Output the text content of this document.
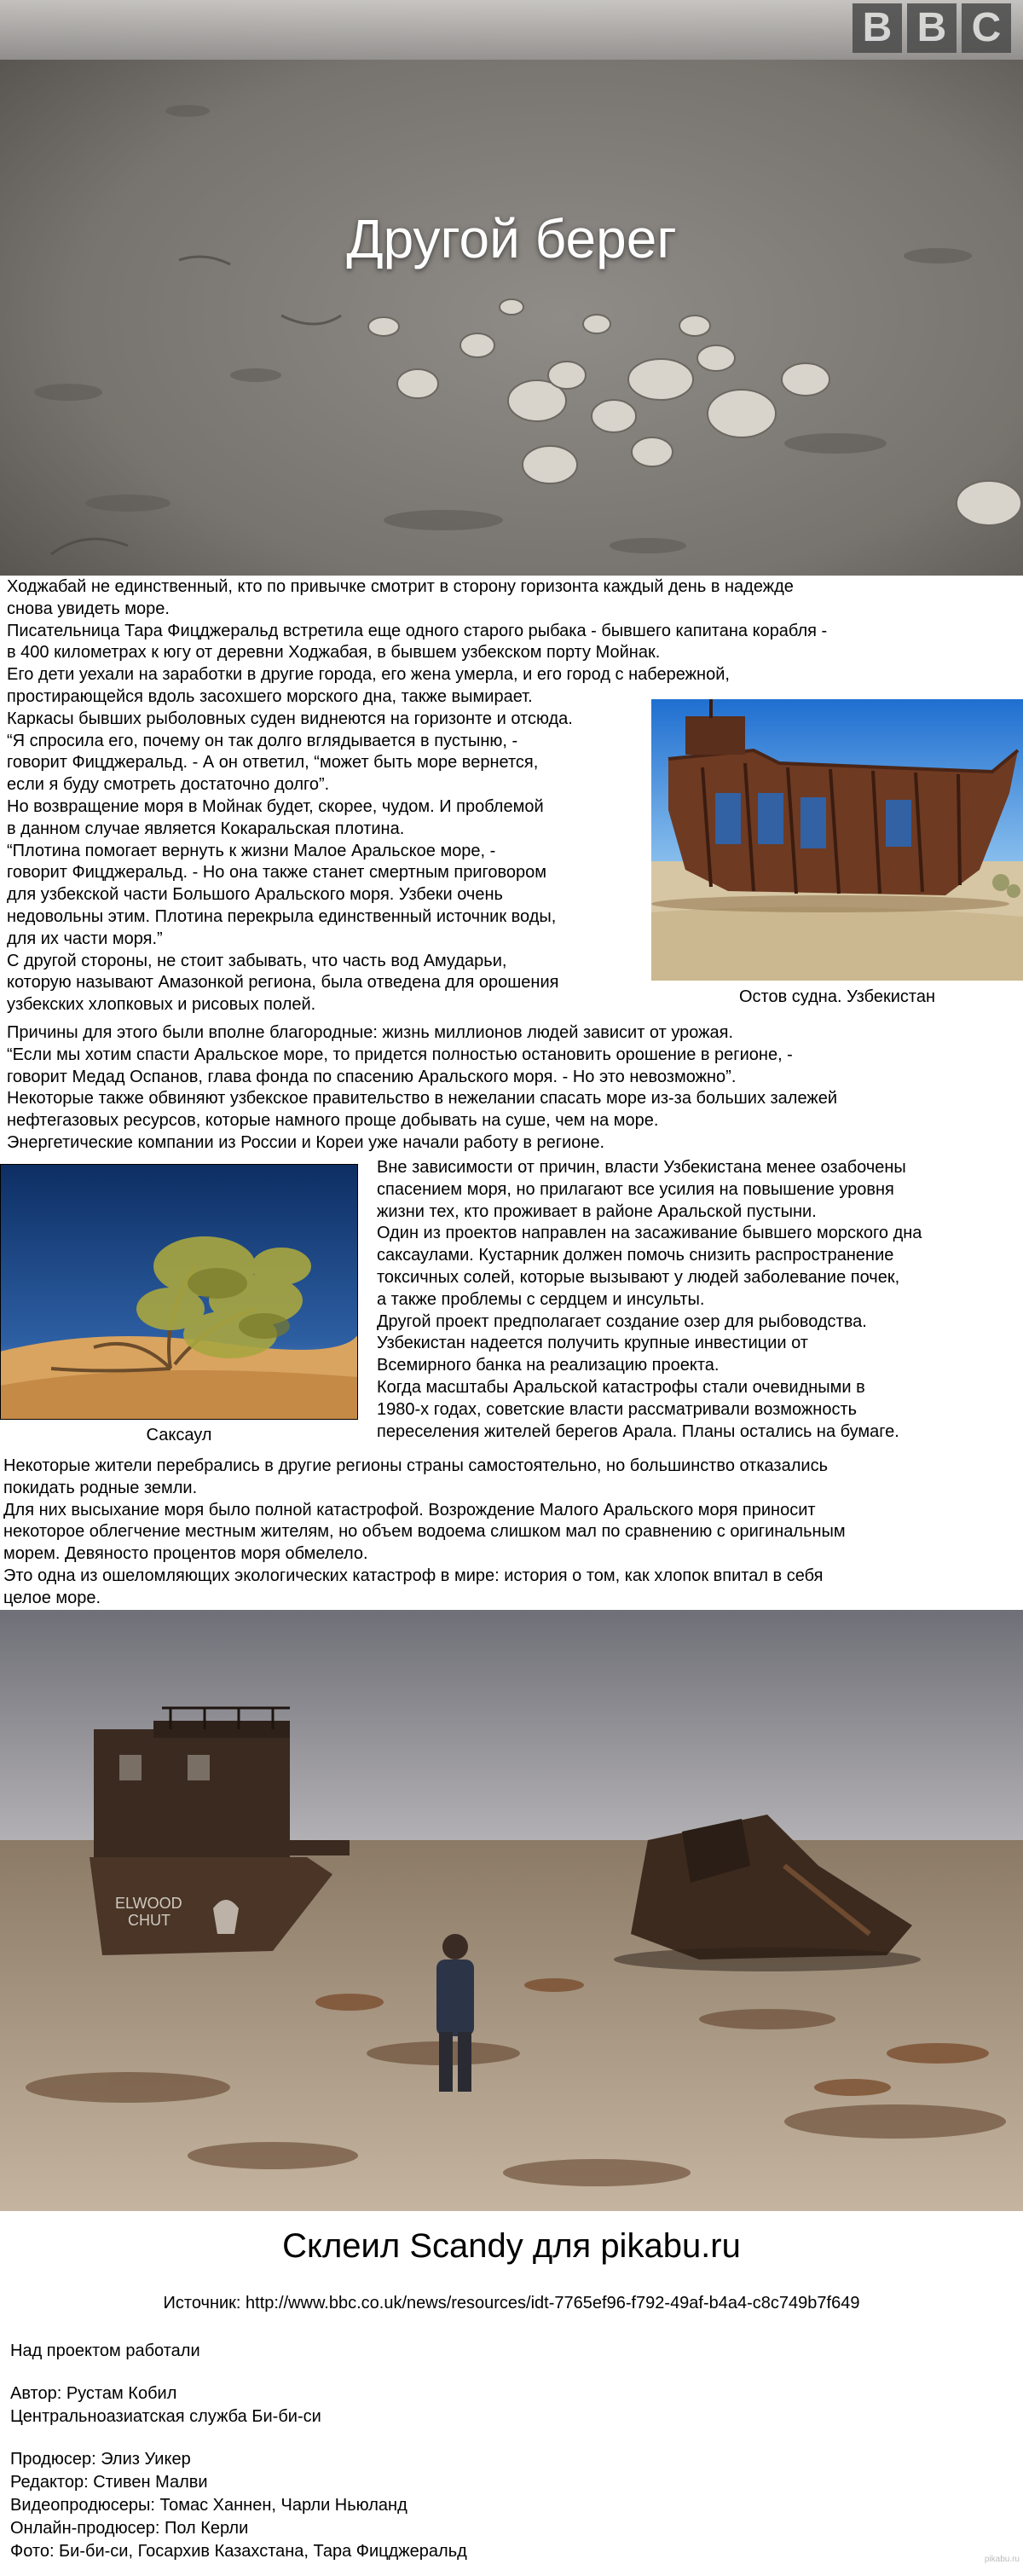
B B C
Другой берег
Ходжабай не единственный, кто по привычке смотрит в сторону горизонта каждый день в надежде
снова увидеть море.
Писательница Тара Фицджеральд встретила еще одного старого рыбака - бывшего капитана корабля -
в 400 километрах к югу от деревни Ходжабая, в бывшем узбекском порту Мойнак.
Его дети уехали на заработки в другие города, его жена умерла, и его город с набережной,
простирающейся вдоль засохшего морского дна, также вымирает.
Каркасы бывших рыболовных суден виднеются на горизонте и отсюда.
“Я спросила его, почему он так долго вглядывается в пустыню, -
говорит Фицджеральд. - А он ответил, “может быть море вернется,
если я буду смотреть достаточно долго”.
Но возвращение моря в Мойнак будет, скорее, чудом. И проблемой
в данном случае является Кокаральская плотина.
“Плотина помогает вернуть к жизни Малое Аральское море, -
говорит Фицджеральд. - Но она также станет смертным приговором
для узбекской части Большого Аральского моря. Узбеки очень
недовольны этим. Плотина перекрыла единственный источник воды,
для их части моря.”
С другой стороны, не стоит забывать, что часть вод Амударьи,
которую называют Амазонкой региона, была отведена для орошения
узбекских хлопковых и рисовых полей.	Остов судна. Узбекистан
Причины для этого были вполне благородные: жизнь миллионов людей зависит от урожая.
“Если мы хотим спасти Аральское море, то придется полностью остановить орошение в регионе, -
говорит Медад Оспанов, глава фонда по спасению Аральского моря. - Но это невозможно”.
Некоторые также обвиняют узбекское правительство в нежелании спасать море из-за больших залежей
нефтегазовых ресурсов, которые намного проще добывать на суше, чем на море.
Энергетические компании из России и Кореи уже начали работу в регионе.
Саксаул
Вне зависимости от причин, власти Узбекистана менее озабочены
спасением моря, но прилагают все усилия на повышение уровня
жизни тех, кто проживает в районе Аральской пустыни.
Один из проектов направлен на засаживание бывшего морского дна
саксаулами. Кустарник должен помочь снизить распространение
токсичных солей, которые вызывают у людей заболевание почек,
а также проблемы с сердцем и инсульты.
Другой проект предполагает создание озер для рыбоводства.
Узбекистан надеется получить крупные инвестиции от
Всемирного банка на реализацию проекта.
Когда масштабы Аральской катастрофы стали очевидными в
1980-х годах, советские власти рассматривали возможность
переселения жителей берегов Арала. Планы остались на бумаге.
Некоторые жители перебрались в другие регионы страны самостоятельно, но большинство отказались
покидать родные земли.
Для них высыхание моря было полной катастрофой. Возрождение Малого Аральского моря приносит
некоторое облегчение местным жителям, но объем водоема слишком мал по сравнению с оригинальным
морем. Девяносто процентов моря обмелело.
Это одна из ошеломляющих экологических катастроф в мире: история о том, как хлопок впитал в себя
целое море.
ELWOOD CHUT
Склеил Scandy для pikabu.ru
Источник: http://www.bbc.co.uk/news/resources/idt-7765ef96-f792-49af-b4a4-c8c749b7f649
Над проектом работали
Автор: Рустам Кобил
Центральноазиатская служба Би-би-си
Продюсер: Элиз Уикер
Редактор: Стивен Малви
Видеопродюсеры: Томас Ханнен, Чарли Ньюланд
Онлайн-продюсер: Пол Керли
Фото: Би-би-си, Госархив Казахстана, Тара Фицджеральд	pikabu.ru
